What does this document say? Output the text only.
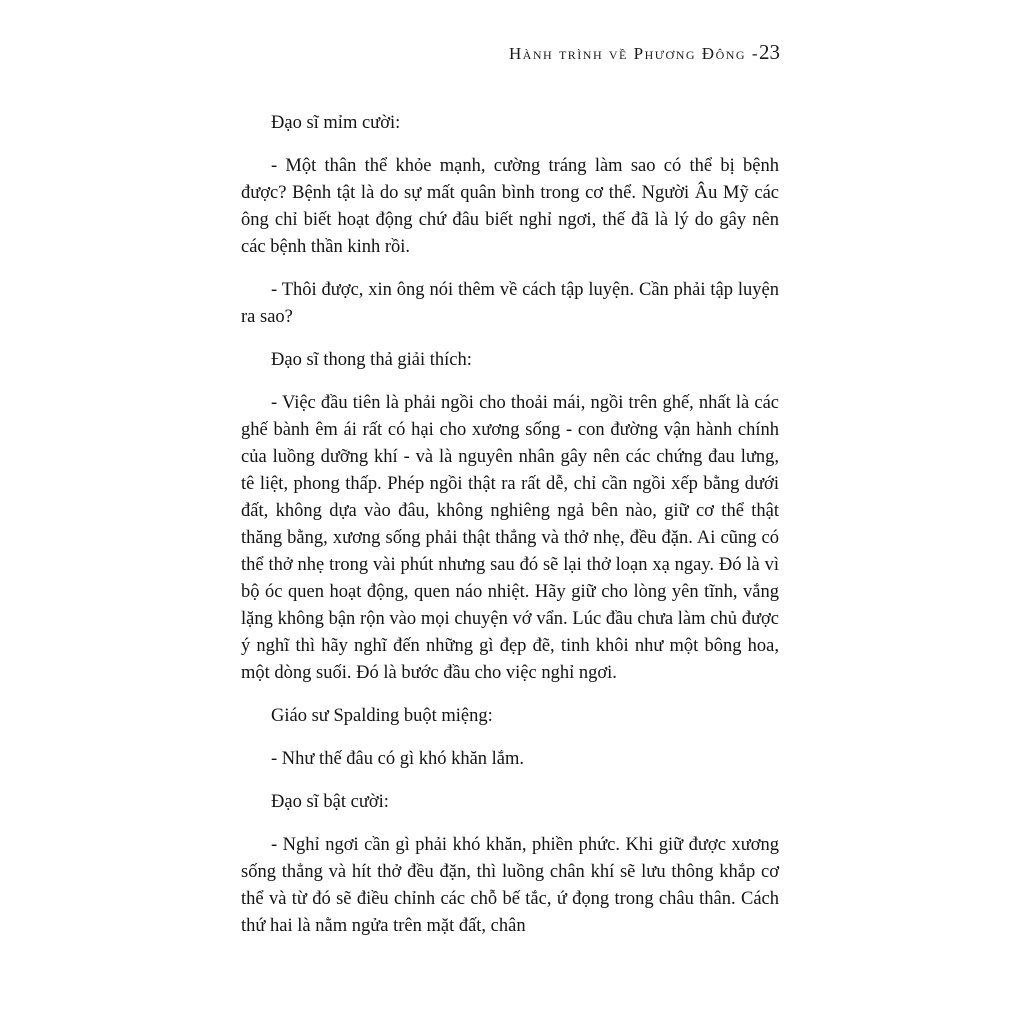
Hành trình về Phương Đông -23

Đạo sĩ mỉm cười:

- Một thân thể khỏe mạnh, cường tráng làm sao có thể bị bệnh được? Bệnh tật là do sự mất quân bình trong cơ thể. Người Âu Mỹ các ông chỉ biết hoạt động chứ đâu biết nghỉ ngơi, thế đã là lý do gây nên các bệnh thần kinh rồi.

- Thôi được, xin ông nói thêm về cách tập luyện. Cần phải tập luyện ra sao?

Đạo sĩ thong thả giải thích:

- Việc đầu tiên là phải ngồi cho thoải mái, ngồi trên ghế, nhất là các ghế bành êm ái rất có hại cho xương sống - con đường vận hành chính của luồng dưỡng khí - và là nguyên nhân gây nên các chứng đau lưng, tê liệt, phong thấp. Phép ngồi thật ra rất dễ, chỉ cần ngồi xếp bằng dưới đất, không dựa vào đâu, không nghiêng ngả bên nào, giữ cơ thể thật thăng bằng, xương sống phải thật thẳng và thở nhẹ, đều đặn. Ai cũng có thể thở nhẹ trong vài phút nhưng sau đó sẽ lại thở loạn xạ ngay. Đó là vì bộ óc quen hoạt động, quen náo nhiệt. Hãy giữ cho lòng yên tĩnh, vắng lặng không bận rộn vào mọi chuyện vớ vẩn. Lúc đầu chưa làm chủ được ý nghĩ thì hãy nghĩ đến những gì đẹp đẽ, tinh khôi như một bông hoa, một dòng suối. Đó là bước đầu cho việc nghỉ ngơi.

Giáo sư Spalding buột miệng:

- Như thế đâu có gì khó khăn lắm.

Đạo sĩ bật cười:

- Nghỉ ngơi cần gì phải khó khăn, phiền phức. Khi giữ được xương sống thẳng và hít thở đều đặn, thì luồng chân khí sẽ lưu thông khắp cơ thể và từ đó sẽ điều chỉnh các chỗ bế tắc, ứ đọng trong châu thân. Cách thứ hai là nằm ngửa trên mặt đất, chân
